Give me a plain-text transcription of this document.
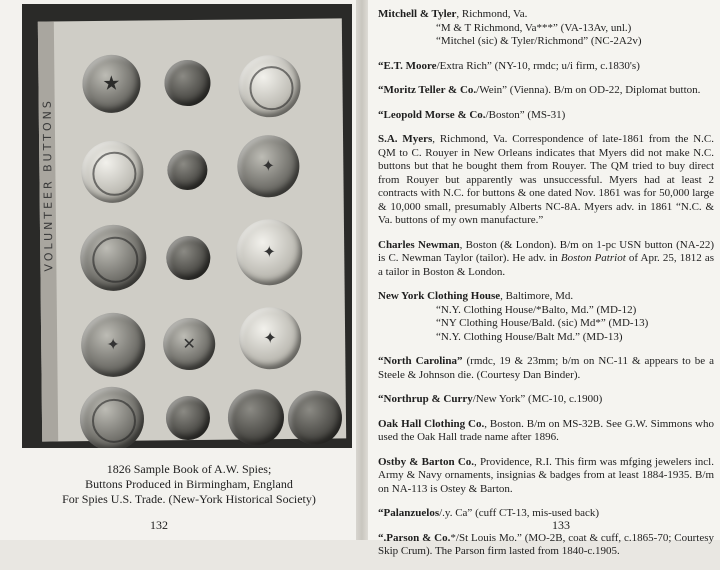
VOLUNTEER BUTTONS
★
✦
✦
✦	✕	✦
1826 Sample Book of A.W. Spies;
Buttons Produced in Birmingham, England
For Spies U.S. Trade. (New-York Historical Society)
132
Mitchell & Tyler, Richmond, Va.
“M & T Richmond, Va***” (VA-13Av, unl.)
“Mitchel (sic) & Tyler/Richmond” (NC-2A2v)
“E.T. Moore/Extra Rich” (NY-10, rmdc; u/i firm, c.1830's)
“Moritz Teller & Co./Wein” (Vienna). B/m on OD-22, Diplomat button.
“Leopold Morse & Co./Boston” (MS-31)
S.A. Myers, Richmond, Va. Correspondence of late-1861 from the N.C. QM to C. Rouyer in New Orleans indicates that Myers did not make N.C. buttons but that he bought them from Rouyer. The QM tried to buy direct from Rouyer but apparently was unsuccessful. Myers had at least 2 contracts with N.C. for buttons & one dated Nov. 1861 was for 50,000 large & 10,000 small, presumably Alberts NC-8A. Myers adv. in 1861 “N.C. & Va. buttons of my own manufacture.”
Charles Newman, Boston (& London). B/m on 1-pc USN button (NA-22) is C. Newman Taylor (tailor). He adv. in Boston Patriot of Apr. 25, 1812 as a tailor in Boston & London.
New York Clothing House, Baltimore, Md.
“N.Y. Clothing House/*Balto, Md.” (MD-12)
“NY Clothing House/Bald. (sic) Md*” (MD-13)
“N.Y. Clothing House/Balt Md.” (MD-13)
“North Carolina” (rmdc, 19 & 23mm; b/m on NC-11 & appears to be a Steele & Johnson die. (Courtesy Dan Binder).
“Northrup & Curry/New York” (MC-10, c.1900)
Oak Hall Clothing Co., Boston. B/m on MS-32B. See G.W. Simmons who used the Oak Hall trade name after 1896.
Ostby & Barton Co., Providence, R.I. This firm was mfging jewelers incl. Army & Navy ornaments, insignias & badges from at least 1884-1935. B/m on NA-113 is Ostey & Barton.
“Palanzuelos/.y. Ca” (cuff CT-13, mis-used back)
“.Parson & Co.*/St Louis Mo.” (MO-2B, coat & cuff, c.1865-70; Courtesy Skip Crum). The Parson firm lasted from 1840-c.1905.
133
